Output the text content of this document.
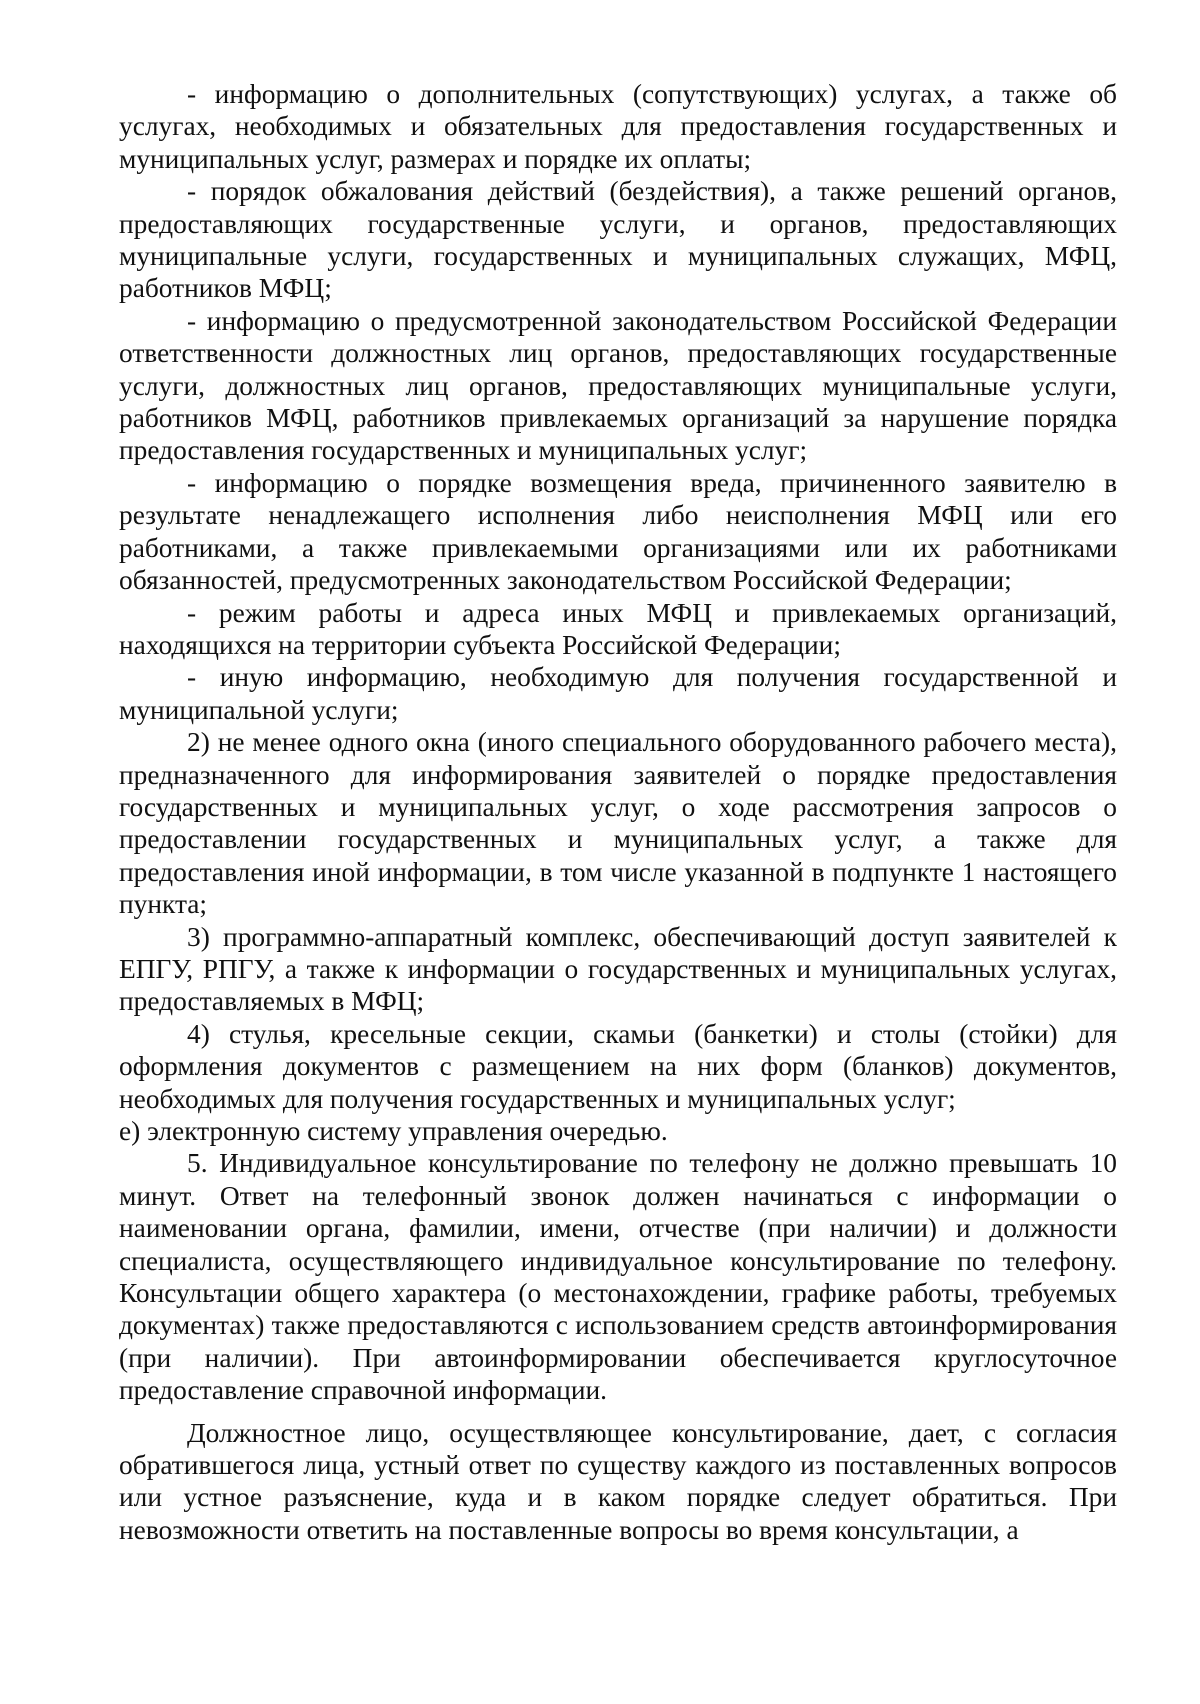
- информацию о дополнительных (сопутствующих) услугах, а также об услугах, необходимых и обязательных для предоставления государственных и муниципальных услуг, размерах и порядке их оплаты;

- порядок обжалования действий (бездействия), а также решений органов, предоставляющих государственные услуги, и органов, предоставляющих муниципальные услуги, государственных и муниципальных служащих, МФЦ, работников МФЦ;

- информацию о предусмотренной законодательством Российской Федерации ответственности должностных лиц органов, предоставляющих государственные услуги, должностных лиц органов, предоставляющих муниципальные услуги, работников МФЦ, работников привлекаемых организаций за нарушение порядка предоставления государственных и муниципальных услуг;

- информацию о порядке возмещения вреда, причиненного заявителю в результате ненадлежащего исполнения либо неисполнения МФЦ или его работниками, а также привлекаемыми организациями или их работниками обязанностей, предусмотренных законодательством Российской Федерации;

- режим работы и адреса иных МФЦ и привлекаемых организаций, находящихся на территории субъекта Российской Федерации;

- иную информацию, необходимую для получения государственной и муниципальной услуги;

2) не менее одного окна (иного специального оборудованного рабочего места), предназначенного для информирования заявителей о порядке предоставления государственных и муниципальных услуг, о ходе рассмотрения запросов о предоставлении государственных и муниципальных услуг, а также для предоставления иной информации, в том числе указанной в подпункте 1 настоящего пункта;

3) программно-аппаратный комплекс, обеспечивающий доступ заявителей к ЕПГУ, РПГУ, а также к информации о государственных и муниципальных услугах, предоставляемых в МФЦ;

4) стулья, кресельные секции, скамьи (банкетки) и столы (стойки) для оформления документов с размещением на них форм (бланков) документов, необходимых для получения государственных и муниципальных услуг;

е) электронную систему управления очередью.

5. Индивидуальное консультирование по телефону не должно превышать 10 минут. Ответ на телефонный звонок должен начинаться с информации о наименовании органа, фамилии, имени, отчестве (при наличии) и должности специалиста, осуществляющего индивидуальное консультирование по телефону. Консультации общего характера (о местонахождении, графике работы, требуемых документах) также предоставляются с использованием средств автоинформирования (при наличии). При автоинформировании обеспечивается круглосуточное предоставление справочной информации.

Должностное лицо, осуществляющее консультирование, дает, с согласия обратившегося лица, устный ответ по существу каждого из поставленных вопросов или устное разъяснение, куда и в каком порядке следует обратиться. При невозможности ответить на поставленные вопросы во время консультации, а
